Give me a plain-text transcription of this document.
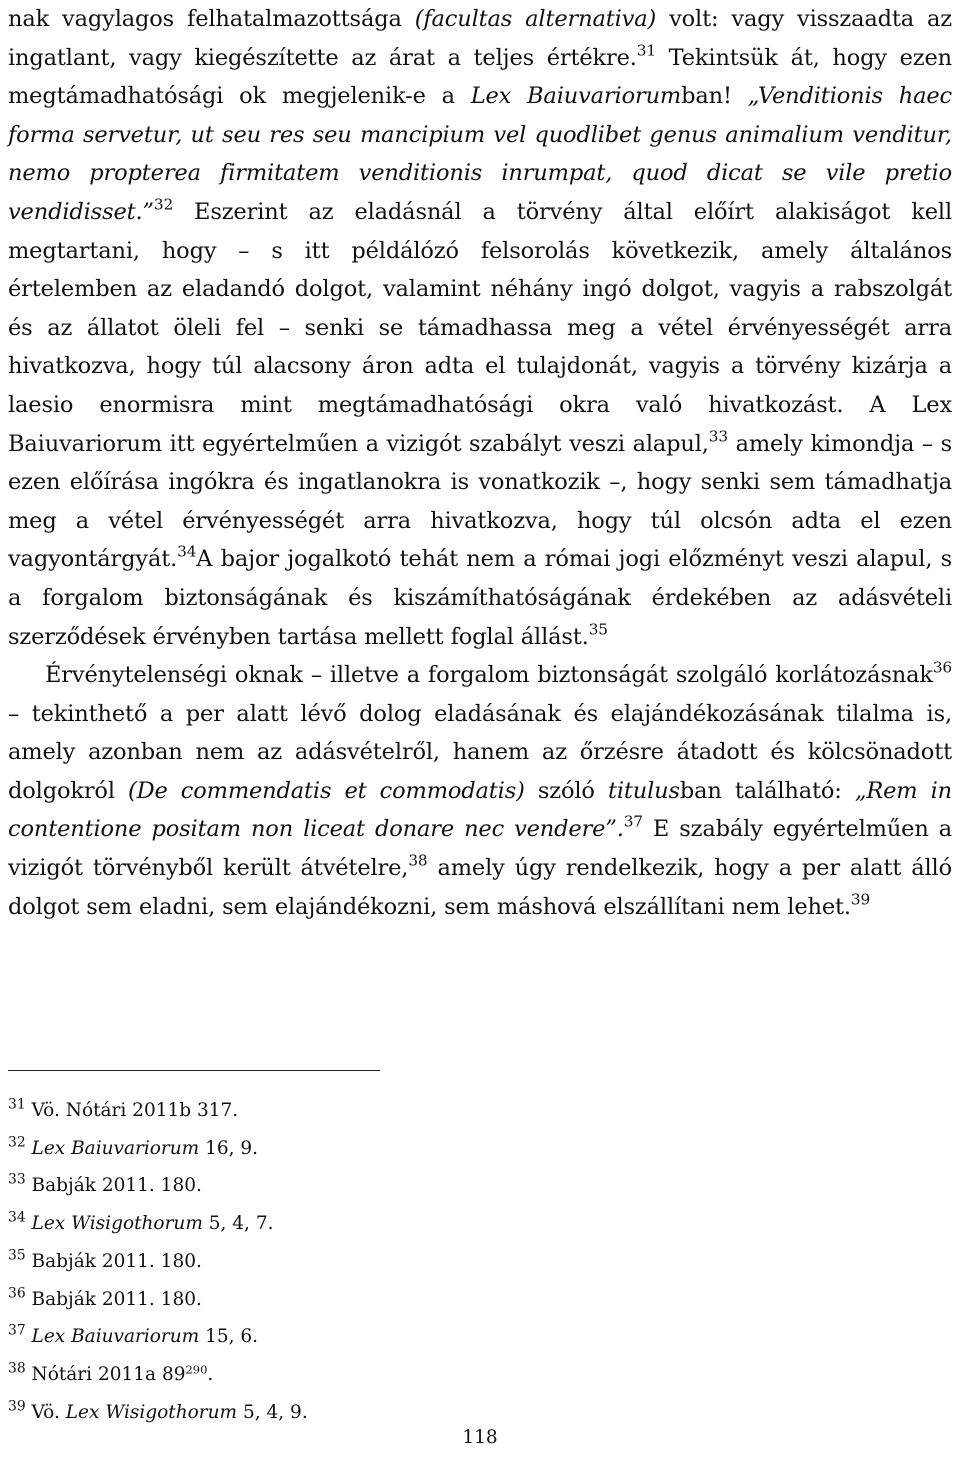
nak vagylagos felhatalmazottsága (facultas alternativa) volt: vagy visszaadta az ingatlant, vagy kiegészítette az árat a teljes értékre.$^{31}$ Tekintsük át, hogy ezen megtámadhatósági ok megjelenik-e a Lex Baiuvariorumban! „Venditionis haec forma servetur, ut seu res seu mancipium vel quodlibet genus animalium venditur, nemo propterea firmitatem venditionis inrumpat, quod dicat se vile pretio vendidisset.”$^{32}$ Eszerint az eladásnál a törvény által előírt alakiságot kell megtartani, hogy – s itt példálózó felsorolás következik, amely általános értelemben az eladandó dolgot, valamint néhány ingó dolgot, vagyis a rabszolgát és az állatot öleli fel – senki se támadhassa meg a vétel érvényességét arra hivatkozva, hogy túl alacsony áron adta el tulajdonát, vagyis a törvény kizárja a laesio enormisra mint megtámadhatósági okra való hivatkozást. A Lex Baiuvariorum itt egyértelműen a vizigót szabályt veszi alapul,$^{33}$ amely kimondja – s ezen előírása ingókra és ingatlanokra is vonatkozik –, hogy senki sem támadhatja meg a vétel érvényességét arra hivatkozva, hogy túl olcsón adta el ezen vagyontárgyát.$^{34}$A bajor jogalkotó tehát nem a római jogi előzményt veszi alapul, s a forgalom biztonságának és kiszámíthatóságának érdekében az adásvételi szerződések érvényben tartása mellett foglal állást.$^{35}$

Érvénytelenségi oknak – illetve a forgalom biztonságát szolgáló korlátozásnak$^{36}$ – tekinthető a per alatt lévő dolog eladásának és elajándékozásának tilalma is, amely azonban nem az adásvételről, hanem az őrzésre átadott és kölcsönadott dolgokról (De commendatis et commodatis) szóló titulusban található: „Rem in contentione positam non liceat donare nec vendere”.$^{37}$ E szabály egyértelműen a vizigót törvényből került átvételre,$^{38}$ amely úgy rendelkezik, hogy a per alatt álló dolgot sem eladni, sem elajándékozni, sem máshová elszállítani nem lehet.$^{39}$

$^{31}$ Vö. Nótári 2011b 317.
$^{32}$ Lex Baiuvariorum 16, 9.
$^{33}$ Babják 2011. 180.
$^{34}$ Lex Wisigothorum 5, 4, 7.
$^{35}$ Babják 2011. 180.
$^{36}$ Babják 2011. 180.
$^{37}$ Lex Baiuvariorum 15, 6.
$^{38}$ Nótári 2011a $89^{290}$.
$^{39}$ Vö. Lex Wisigothorum 5, 4, 9.
118
